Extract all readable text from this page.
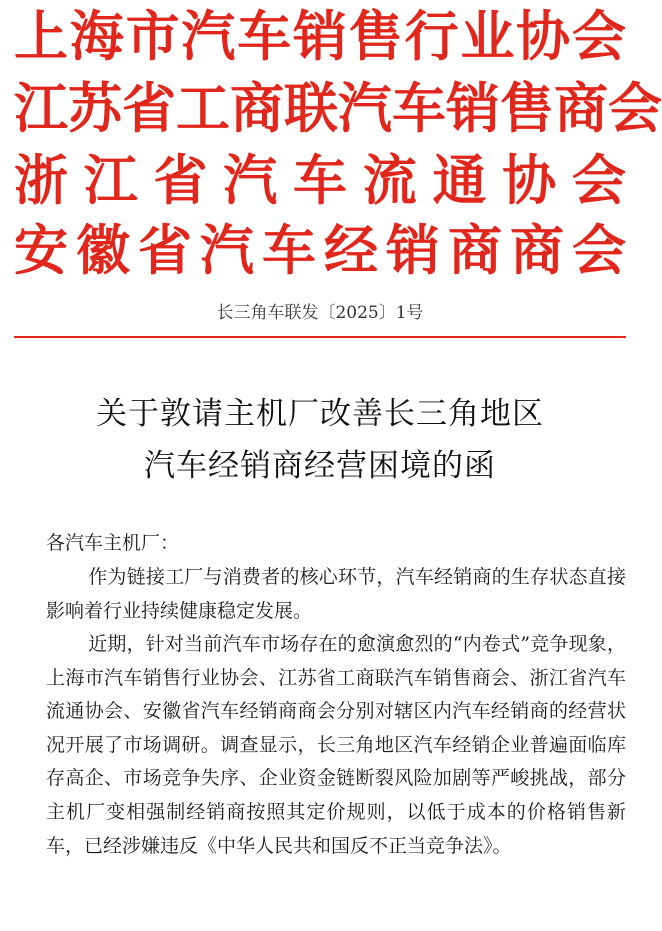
上 海 市 汽 车 销 售 行 业 协 会
江 苏 省 工 商 联 汽 车 销 售 商 会
浙 江 省 汽 车 流 通 协 会
安 徽 省 汽 车 经 销 商 商 会
长三角车联发〔2025〕1号
关于敦请主机厂改善长三角地区
汽车经销商经营困境的函

各汽车主机厂：

作为链接工厂与消费者的核心环节，汽车经销商的生存状态直接影响着行业持续健康稳定发展。

近期，针对当前汽车市场存在的愈演愈烈的“内卷式”竞争现象，上海市汽车销售行业协会、江苏省工商联汽车销售商会、浙江省汽车流通协会、安徽省汽车经销商商会分别对辖区内汽车经销商的经营状况开展了市场调研。调查显示，长三角地区汽车经销企业普遍面临库存高企、市场竞争失序、企业资金链断裂风险加剧等严峻挑战，部分主机厂变相强制经销商按照其定价规则，以低于成本的价格销售新车，已经涉嫌违反《中华人民共和国反不正当竞争法》。
